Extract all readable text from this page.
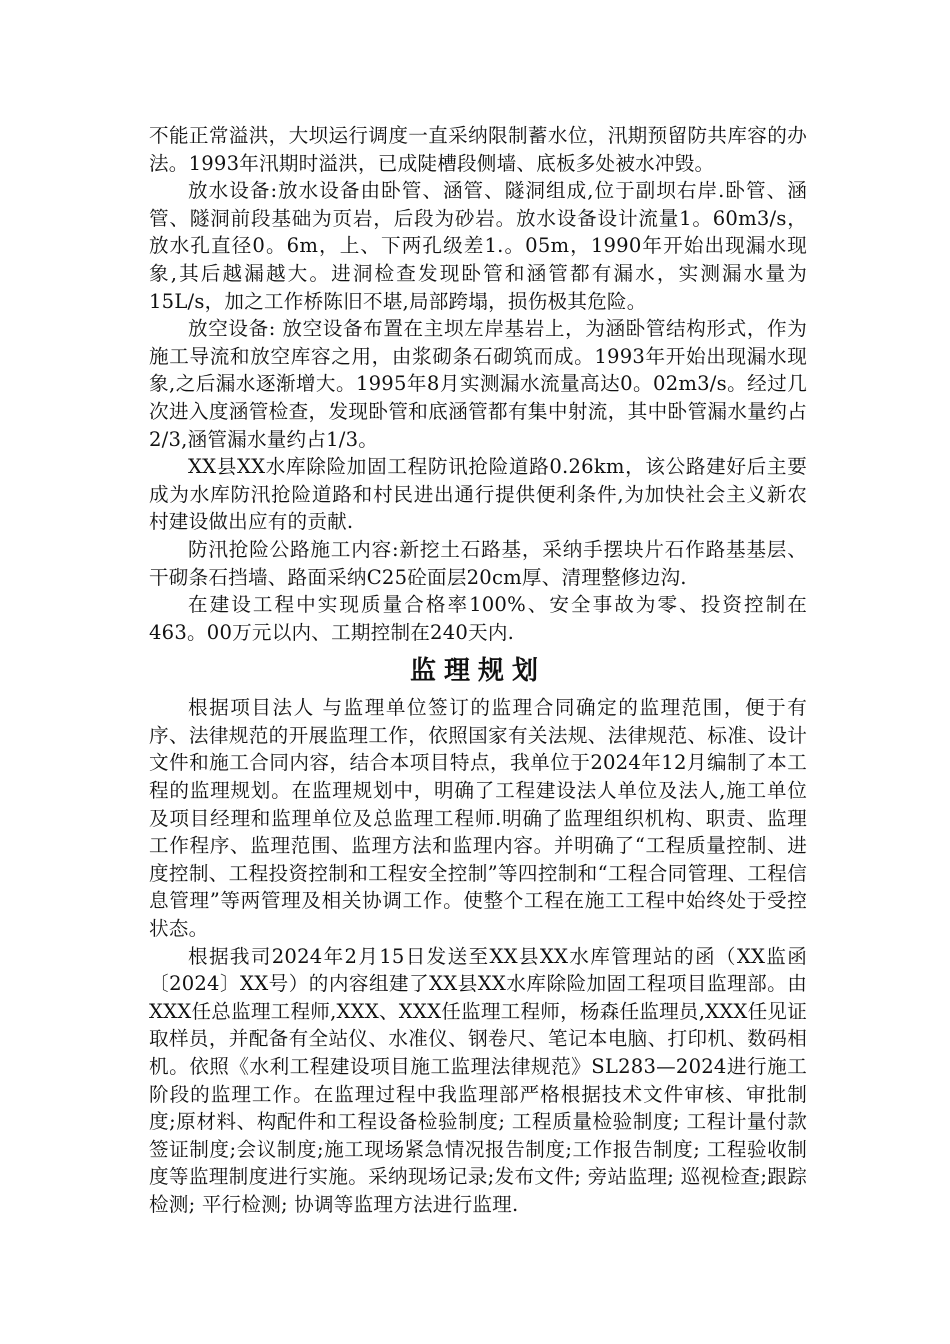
不能正常溢洪，大坝运行调度一直采纳限制蓄水位，汛期预留防共库容的办法。1993年汛期时溢洪，已成陡槽段侧墙、底板多处被水冲毁。

放水设备:放水设备由卧管、涵管、隧洞组成,位于副坝右岸.卧管、涵管、隧洞前段基础为页岩，后段为砂岩。放水设备设计流量1。60m3/s，放水孔直径0。6m，上、下两孔级差1.。05m，1990年开始出现漏水现象,其后越漏越大。进洞检查发现卧管和涵管都有漏水，实测漏水量为15L/s，加之工作桥陈旧不堪,局部跨塌，损伤极其危险。

放空设备: 放空设备布置在主坝左岸基岩上，为涵卧管结构形式，作为施工导流和放空库容之用，由浆砌条石砌筑而成。1993年开始出现漏水现象,之后漏水逐渐增大。1995年8月实测漏水流量高达0。02m3/s。经过几次进入度涵管检查，发现卧管和底涵管都有集中射流，其中卧管漏水量约占2/3,涵管漏水量约占1/3。

XX县XX水库除险加固工程防讯抢险道路0.26km，该公路建好后主要成为水库防汛抢险道路和村民进出通行提供便利条件,为加快社会主义新农村建设做出应有的贡献.

防汛抢险公路施工内容:新挖土石路基，采纳手摆块片石作路基基层、干砌条石挡墙、路面采纳C25砼面层20cm厚、清理整修边沟.

在建设工程中实现质量合格率100%、安全事故为零、投资控制在463。00万元以内、工期控制在240天内.

监理规划

根据项目法人 与监理单位签订的监理合同确定的监理范围，便于有序、法律规范的开展监理工作，依照国家有关法规、法律规范、标准、设计文件和施工合同内容，结合本项目特点，我单位于2024年12月编制了本工程的监理规划。在监理规划中，明确了工程建设法人单位及法人,施工单位及项目经理和监理单位及总监理工程师.明确了监理组织机构、职责、监理工作程序、监理范围、监理方法和监理内容。并明确了“工程质量控制、进度控制、工程投资控制和工程安全控制”等四控制和“工程合同管理、工程信息管理”等两管理及相关协调工作。使整个工程在施工工程中始终处于受控状态。

根据我司2024年2月15日发送至XX县XX水库管理站的函（XX监函〔2024〕XX号）的内容组建了XX县XX水库除险加固工程项目监理部。由XXX任总监理工程师,XXX、XXX任监理工程师，杨森任监理员,XXX任见证取样员，并配备有全站仪、水准仪、钢卷尺、笔记本电脑、打印机、数码相机。依照《水利工程建设项目施工监理法律规范》SL283—2024进行施工阶段的监理工作。在监理过程中我监理部严格根据技术文件审核、审批制度;原材料、构配件和工程设备检验制度; 工程质量检验制度; 工程计量付款签证制度;会议制度;施工现场紧急情况报告制度;工作报告制度; 工程验收制度等监理制度进行实施。采纳现场记录;发布文件; 旁站监理; 巡视检查;跟踪检测; 平行检测; 协调等监理方法进行监理.
